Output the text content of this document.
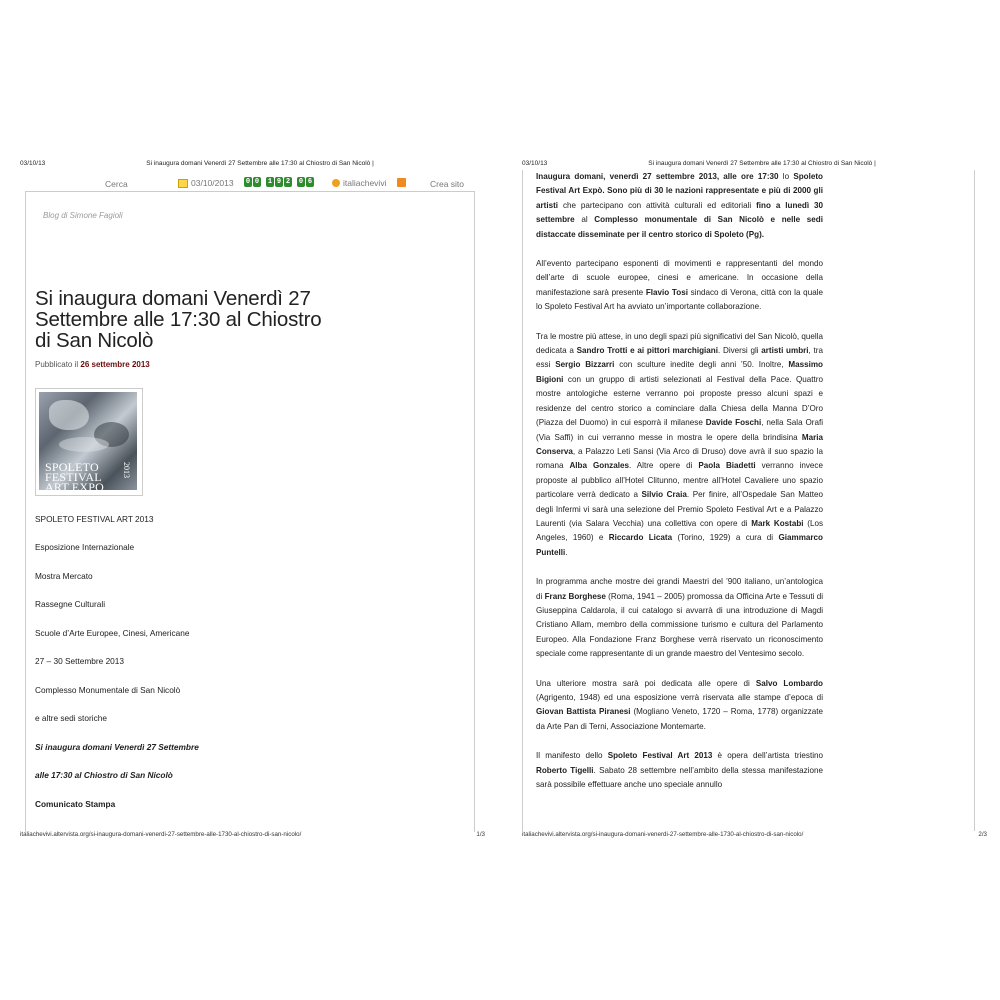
03/10/13	Si inaugura domani Venerdì 27 Settembre alle 17:30 al Chiostro di San Nicolò |
Cerca	03/10/2013 0 0 1 9 2 0 6	italiachevivi	Crea sito
Blog di Simone Fagioli
Si inaugura domani Venerdì 27 Settembre alle 17:30 al Chiostro di San Nicolò
Pubblicato il 26 settembre 2013
SPOLETO
FESTIVAL
ART EXPO
2013
SPOLETO FESTIVAL ART 2013
Esposizione Internazionale
Mostra Mercato
Rassegne Culturali
Scuole d’Arte Europee, Cinesi, Americane
27 – 30 Settembre 2013
Complesso Monumentale di San Nicolò
e altre sedi storiche
Si inaugura domani Venerdì 27 Settembre
alle 17:30 al Chiostro di San Nicolò
Comunicato Stampa
italiachevivi.altervista.org/si-inaugura-domani-venerdi-27-settembre-alle-1730-al-chiostro-di-san-nicolo/	1/3
03/10/13	Si inaugura domani Venerdì 27 Settembre alle 17:30 al Chiostro di San Nicolò |

Inaugura domani, venerdì 27 settembre 2013, alle ore 17:30 lo Spoleto Festival Art Expò. Sono più di 30 le nazioni rappresentate e più di 2000 gli artisti che partecipano con attività culturali ed editoriali fino a lunedì 30 settembre al Complesso monumentale di San Nicolò e nelle sedi distaccate disseminate per il centro storico di Spoleto (Pg).

All’evento partecipano esponenti di movimenti e rappresentanti del mondo dell’arte di scuole europee, cinesi e americane. In occasione della manifestazione sarà presente Flavio Tosi sindaco di Verona, città con la quale lo Spoleto Festival Art ha avviato un’importante collaborazione.

Tra le mostre più attese, in uno degli spazi più significativi del San Nicolò, quella dedicata a Sandro Trotti e ai pittori marchigiani. Diversi gli artisti umbri, tra essi Sergio Bizzarri con sculture inedite degli anni ’50. Inoltre, Massimo Bigioni con un gruppo di artisti selezionati al Festival della Pace. Quattro mostre antologiche esterne verranno poi proposte presso alcuni spazi e residenze del centro storico a cominciare dalla Chiesa della Manna D’Oro (Piazza del Duomo) in cui esporrà il milanese Davide Foschi, nella Sala Orafi (Via Saffi) in cui verranno messe in mostra le opere della brindisina Maria Conserva, a Palazzo Leti Sansi (Via Arco di Druso) dove avrà il suo spazio la romana Alba Gonzales. Altre opere di Paola Biadetti verranno invece proposte al pubblico all’Hotel Clitunno, mentre all’Hotel Cavaliere uno spazio particolare verrà dedicato a Silvio Craia. Per finire, all’Ospedale San Matteo degli Infermi vi sarà una selezione del Premio Spoleto Festival Art e a Palazzo Laurenti (via Salara Vecchia) una collettiva con opere di Mark Kostabi (Los Angeles, 1960) e Riccardo Licata (Torino, 1929) a cura di Giammarco Puntelli.

In programma anche mostre dei grandi Maestri del ’900 italiano, un’antologica di Franz Borghese (Roma, 1941 – 2005) promossa da Officina Arte e Tessuti di Giuseppina Caldarola, il cui catalogo si avvarrà di una introduzione di Magdi Cristiano Allam, membro della commissione turismo e cultura del Parlamento Europeo. Alla Fondazione Franz Borghese verrà riservato un riconoscimento speciale come rappresentante di un grande maestro del Ventesimo secolo.

Una ulteriore mostra sarà poi dedicata alle opere di Salvo Lombardo (Agrigento, 1948) ed una esposizione verrà riservata alle stampe d’epoca di Giovan Battista Piranesi (Mogliano Veneto, 1720 – Roma, 1778) organizzate da Arte Pan di Terni, Associazione Montemarte.

Il manifesto dello Spoleto Festival Art 2013 è opera dell’artista triestino Roberto Tigelli. Sabato 28 settembre nell’ambito della stessa manifestazione sarà possibile effettuare anche uno speciale annullo

italiachevivi.altervista.org/si-inaugura-domani-venerdi-27-settembre-alle-1730-al-chiostro-di-san-nicolo/	2/3
